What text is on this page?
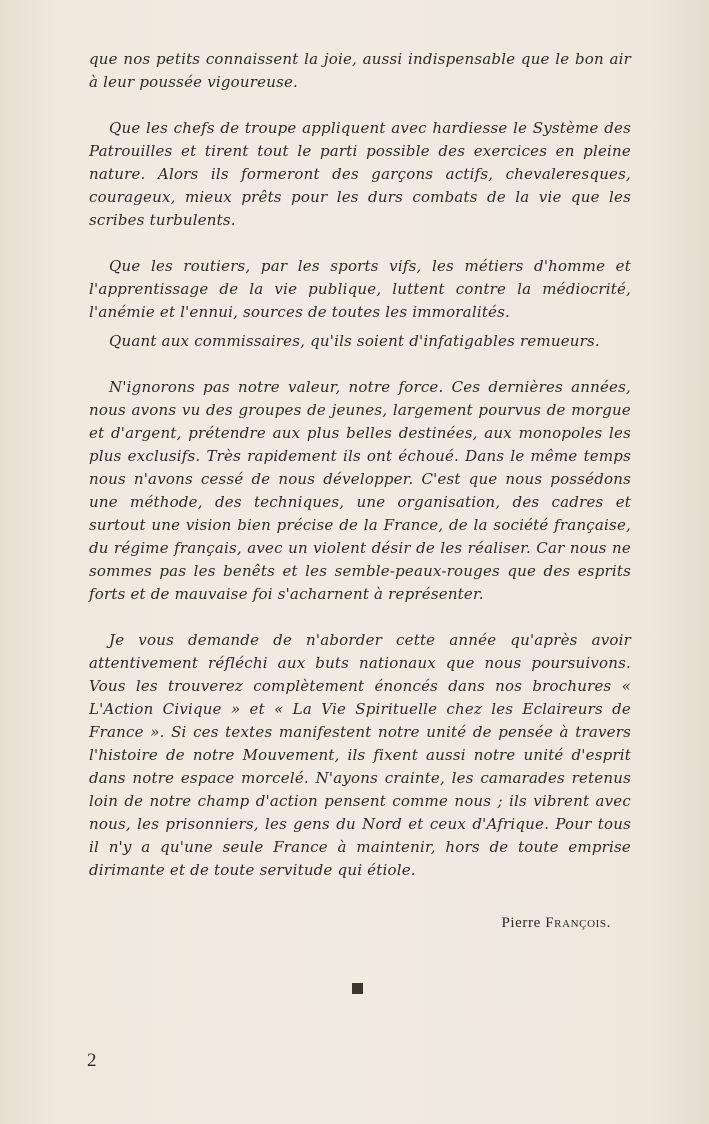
que nos petits connaissent la joie, aussi indispensable que le bon air à leur poussée vigoureuse.

Que les chefs de troupe appliquent avec hardiesse le Système des Patrouilles et tirent tout le parti possible des exercices en pleine nature. Alors ils formeront des garçons actifs, chevaleresques, courageux, mieux prêts pour les durs combats de la vie que les scribes turbulents.

Que les routiers, par les sports vifs, les métiers d'homme et l'apprentissage de la vie publique, luttent contre la médiocrité, l'anémie et l'ennui, sources de toutes les immoralités.

Quant aux commissaires, qu'ils soient d'infatigables remueurs.

N'ignorons pas notre valeur, notre force. Ces dernières années, nous avons vu des groupes de jeunes, largement pourvus de morgue et d'argent, prétendre aux plus belles destinées, aux monopoles les plus exclusifs. Très rapidement ils ont échoué. Dans le même temps nous n'avons cessé de nous développer. C'est que nous possédons une méthode, des techniques, une organisation, des cadres et surtout une vision bien précise de la France, de la société française, du régime français, avec un violent désir de les réaliser. Car nous ne sommes pas les benêts et les semble-peaux-rouges que des esprits forts et de mauvaise foi s'acharnent à représenter.

Je vous demande de n'aborder cette année qu'après avoir attentivement réfléchi aux buts nationaux que nous poursuivons. Vous les trouverez complètement énoncés dans nos brochures « L'Action Civique » et « La Vie Spirituelle chez les Eclaireurs de France ». Si ces textes manifestent notre unité de pensée à travers l'histoire de notre Mouvement, ils fixent aussi notre unité d'esprit dans notre espace morcelé. N'ayons crainte, les camarades retenus loin de notre champ d'action pensent comme nous ; ils vibrent avec nous, les prisonniers, les gens du Nord et ceux d'Afrique. Pour tous il n'y a qu'une seule France à maintenir, hors de toute emprise dirimante et de toute servitude qui étiole.

Pierre François.
2
